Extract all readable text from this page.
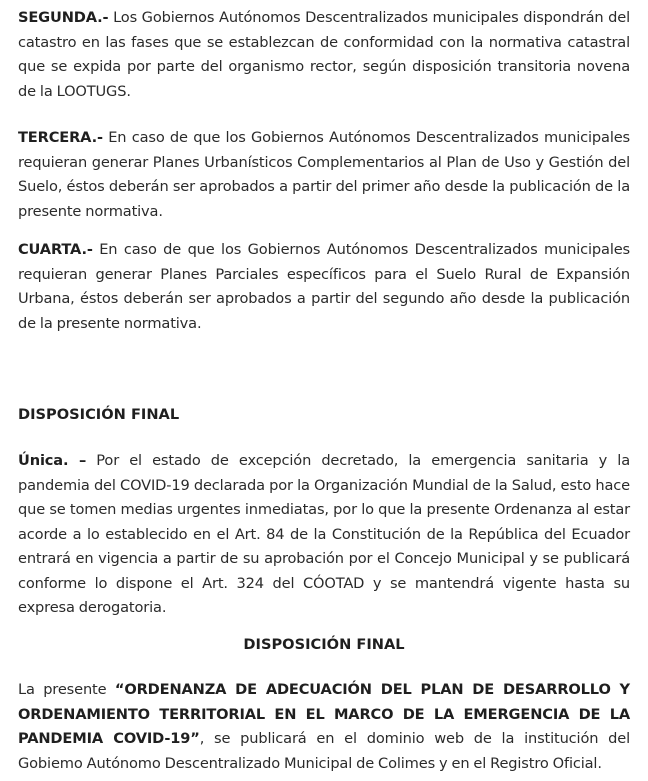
SEGUNDA.- Los Gobiernos Autónomos Descentralizados municipales dispondrán del catastro en las fases que se establezcan de conformidad con la normativa catastral que se expida por parte del organismo rector, según disposición transitoria novena de la LOOTUGS.

TERCERA.- En caso de que los Gobiernos Autónomos Descentralizados municipales requieran generar Planes Urbanísticos Complementarios al Plan de Uso y Gestión del Suelo, éstos deberán ser aprobados a partir del primer año desde la publicación de la presente normativa.

CUARTA.- En caso de que los Gobiernos Autónomos Descentralizados municipales requieran generar Planes Parciales específicos para el Suelo Rural de Expansión Urbana, éstos deberán ser aprobados a partir del segundo año desde la publicación de la presente normativa.

DISPOSICIÓN FINAL

Única. – Por el estado de excepción decretado, la emergencia sanitaria y la pandemia del COVID-19 declarada por la Organización Mundial de la Salud, esto hace que se tomen medias urgentes inmediatas, por lo que la presente Ordenanza al estar acorde a lo establecido en el Art. 84 de la Constitución de la República del Ecuador entrará en vigencia a partir de su aprobación por el Concejo Municipal y se publicará conforme lo dispone el Art. 324 del CÓOTAD y se mantendrá vigente hasta su expresa derogatoria.

DISPOSICIÓN FINAL

La presente “ORDENANZA DE ADECUACIÓN DEL PLAN DE DESARROLLO Y ORDENAMIENTO TERRITORIAL EN EL MARCO DE LA EMERGENCIA DE LA PANDEMIA COVID-19”, se publicará en el dominio web de la institución del Gobiemo Autónomo Descentralizado Municipal de Colimes y en el Registro Oficial.
